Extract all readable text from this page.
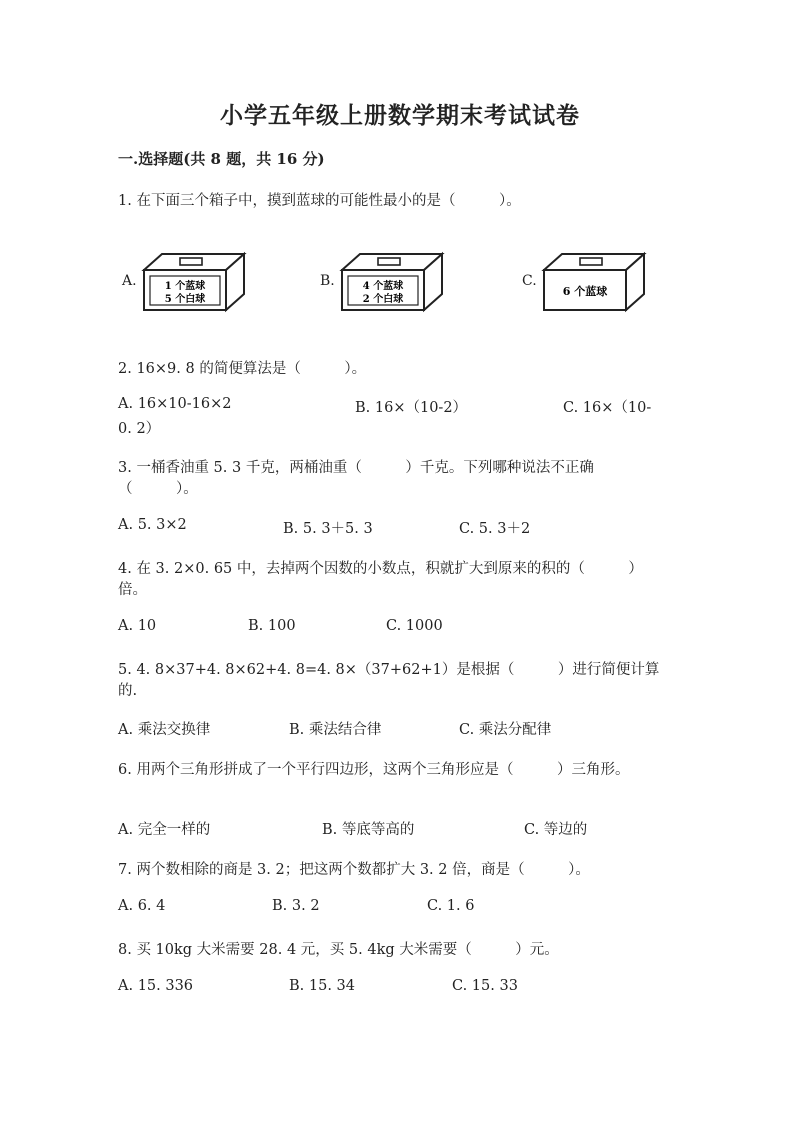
小学五年级上册数学期末考试试卷
一.选择题(共 8 题，共 16 分)
1. 在下面三个箱子中，摸到蓝球的可能性最小的是（　　　）。
A.	1 个蓝球
5 个白球
B.	4 个蓝球
2 个白球
C.
6 个蓝球
2. 16×9. 8 的简便算法是（　　　）。
A. 16×10-16×2	B. 16×（10-2）	C. 16×（10-
0. 2）
3. 一桶香油重 5. 3 千克，两桶油重（　　　）千克。下列哪种说法不正确
（　　　）。
A. 5. 3×2	B. 5. 3＋5. 3	C. 5. 3＋2
4. 在 3. 2×0. 65 中，去掉两个因数的小数点，积就扩大到原来的积的（　　　）
倍。
A. 10	B. 100	C. 1000
5. 4. 8×37+4. 8×62+4. 8=4. 8×（37+62+1）是根据（　　　）进行简便计算
的.
A. 乘法交换律	B. 乘法结合律	C. 乘法分配律
6. 用两个三角形拼成了一个平行四边形，这两个三角形应是（　　　）三角形。
A. 完全一样的	B. 等底等高的	C. 等边的
7. 两个数相除的商是 3. 2；把这两个数都扩大 3. 2 倍，商是（　　　）。
A. 6. 4	B. 3. 2	C. 1. 6
8. 买 10kg 大米需要 28. 4 元，买 5. 4kg 大米需要（　　　）元。
A. 15. 336	B. 15. 34	C. 15. 33
